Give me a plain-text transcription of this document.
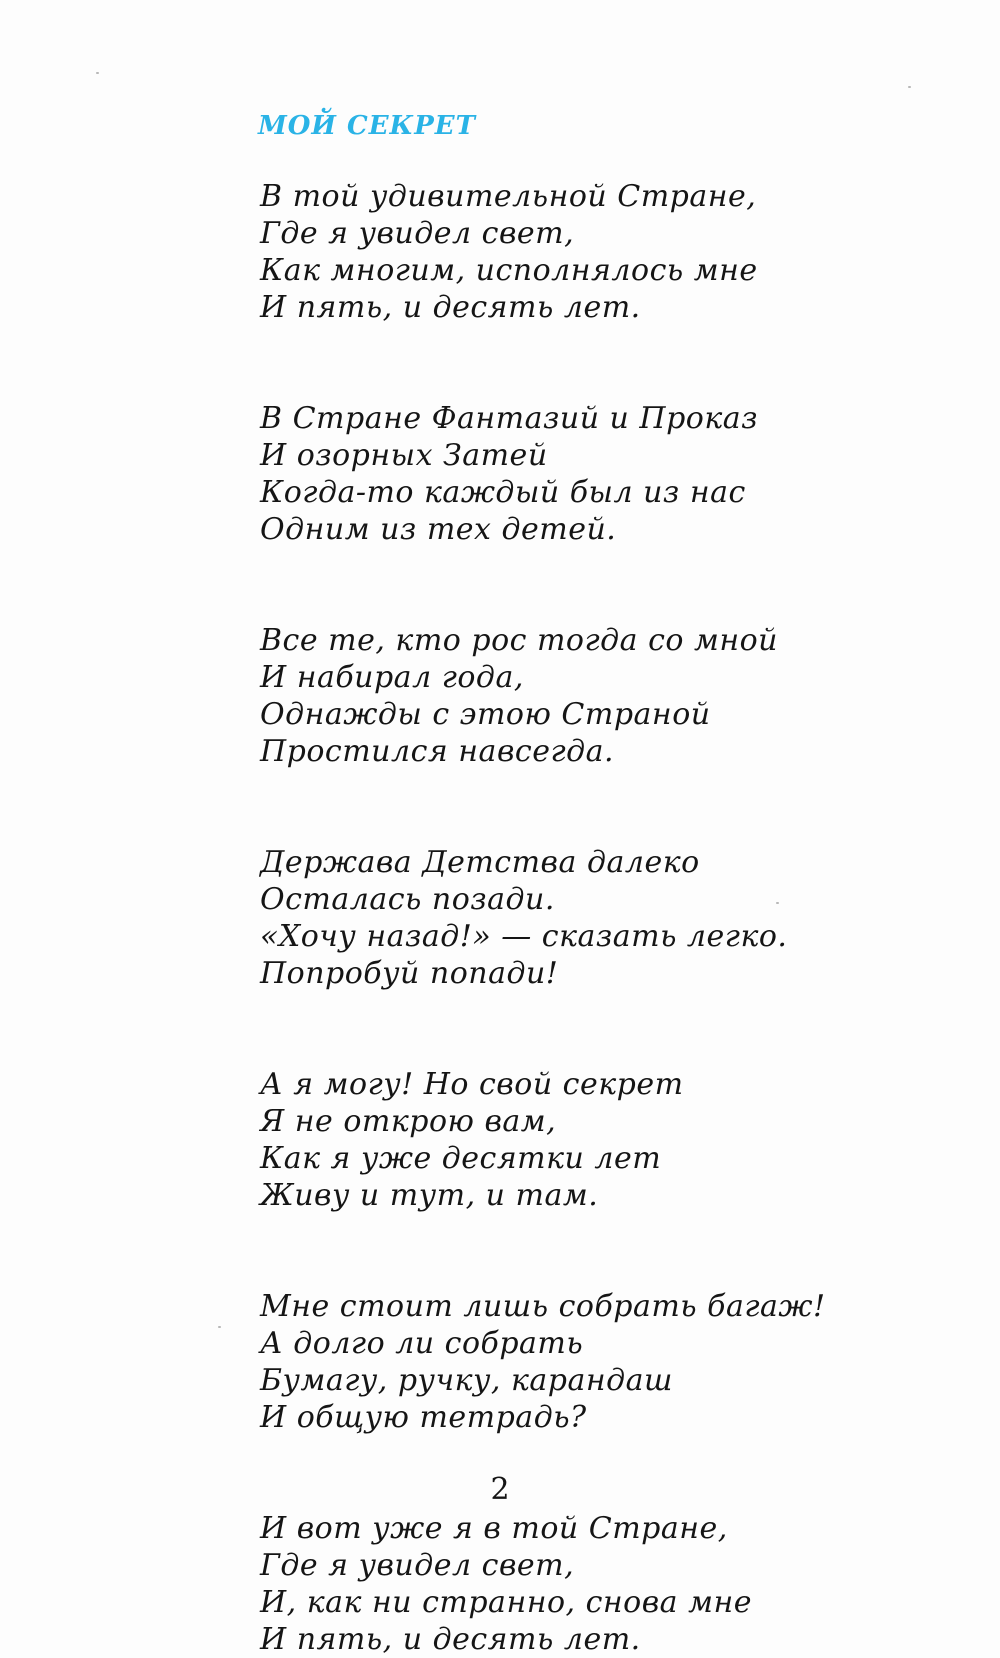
МОЙ СЕКРЕТ
В той удивительной Стране,
Где я увидел свет,
Как многим, исполнялось мне
И пять, и десять лет.
В Стране Фантазий и Проказ
И озорных Затей
Когда-то каждый был из нас
Одним из тех детей.
Все те, кто рос тогда со мной
И набирал года,
Однажды с этою Страной
Простился навсегда.
Держава Детства далеко
Осталась позади.
«Хочу назад!» — сказать легко.
Попробуй попади!
А я могу! Но свой секрет
Я не открою вам,
Как я уже десятки лет
Живу и тут, и там.
Мне стоит лишь собрать багаж!
А долго ли собрать
Бумагу, ручку, карандаш
И общую тетрадь?
И вот уже я в той Стране,
Где я увидел свет,
И, как ни странно, снова мне
И пять, и десять лет.
2
